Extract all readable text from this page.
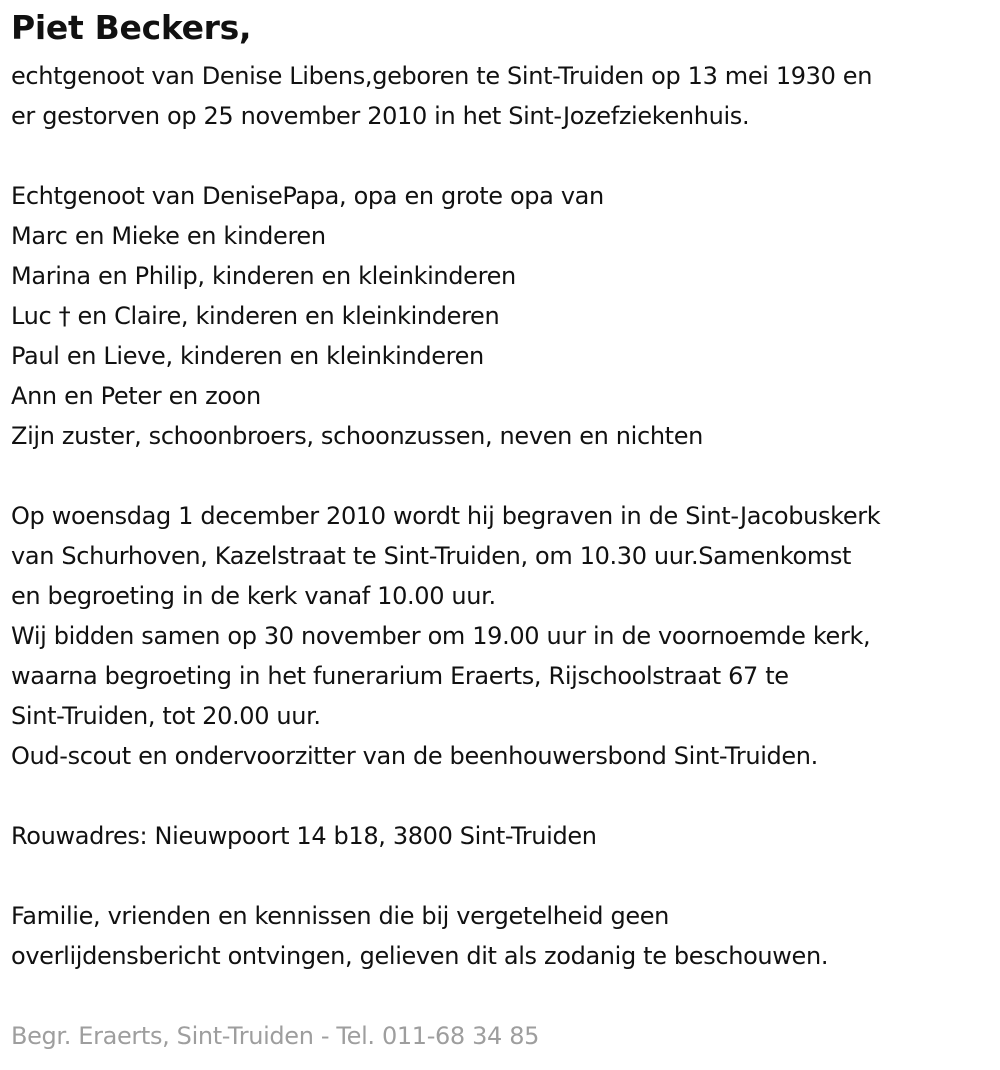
Piet Beckers,
echtgenoot van Denise Libens,geboren te Sint-Truiden op 13 mei 1930 en
er gestorven op 25 november 2010 in het Sint-Jozefziekenhuis.
Echtgenoot van DenisePapa, opa en grote opa van
Marc en Mieke en kinderen
Marina en Philip, kinderen en kleinkinderen
Luc † en Claire, kinderen en kleinkinderen
Paul en Lieve, kinderen en kleinkinderen
Ann en Peter en zoon
Zijn zuster, schoonbroers, schoonzussen, neven en nichten
Op woensdag 1 december 2010 wordt hij begraven in de Sint-Jacobuskerk
van Schurhoven, Kazelstraat te Sint-Truiden, om 10.30 uur.Samenkomst
en begroeting in de kerk vanaf 10.00 uur.
Wij bidden samen op 30 november om 19.00 uur in de voornoemde kerk,
waarna begroeting in het funerarium Eraerts, Rijschoolstraat 67 te
Sint-Truiden, tot 20.00 uur.
Oud-scout en ondervoorzitter van de beenhouwersbond Sint-Truiden.
Rouwadres: Nieuwpoort 14 b18, 3800 Sint-Truiden
Familie, vrienden en kennissen die bij vergetelheid geen
overlijdensbericht ontvingen, gelieven dit als zodanig te beschouwen.
Begr. Eraerts, Sint-Truiden - Tel. 011-68 34 85
